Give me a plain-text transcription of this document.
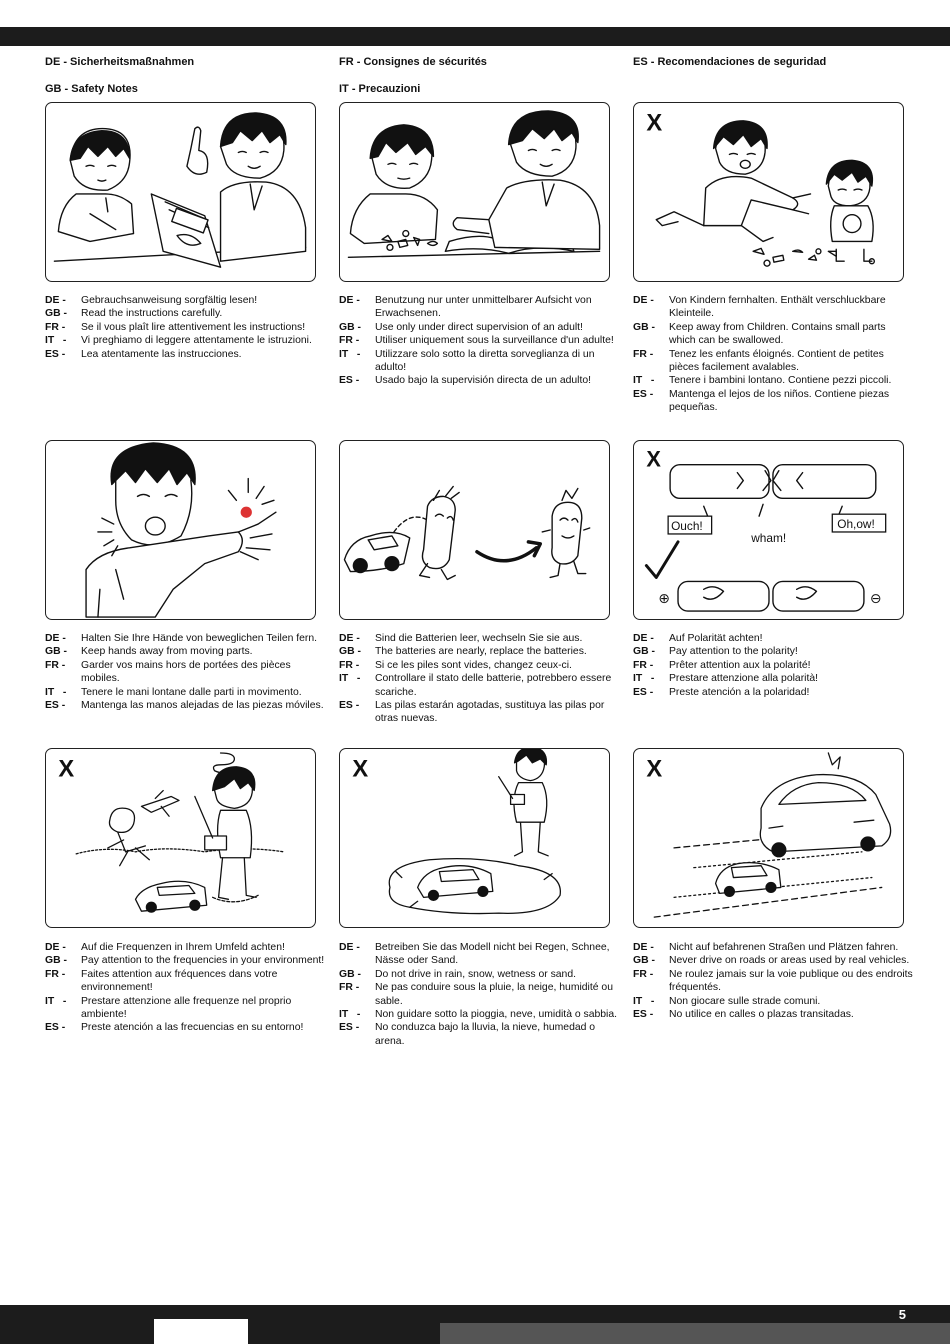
DE - Sicherheitsmaßnahmen	FR - Consignes de sécurités	ES - Recomendaciones de seguridad
GB - Safety Notes	IT - Precauzioni
X
DE -	Gebrauchsanweisung sorgfältig lesen!
GB -	Read the instructions carefully.
FR -	Se il vous plaît lire attentivement les instructions!
IT   -	Vi preghiamo di leggere attentamente le istruzioni.
ES -	Lea atentamente las instrucciones.
DE -	Benutzung nur unter unmittelbarer Aufsicht von Erwachsenen.
GB -	Use only under direct supervision of an adult!
FR -	Utiliser uniquement sous la surveillance d'un adulte!
IT   -	Utilizzare solo sotto la diretta sorveglianza di un adulto!
ES -	Usado bajo la supervisión directa de un adulto!
DE -	Von Kindern fernhalten. Enthält verschluckbare Kleinteile.
GB -	Keep away from Children. Contains small parts which can be swallowed.
FR -	Tenez les enfants éloignés. Contient de petites pièces facilement avalables.
IT   -	Tenere i bambini lontano. Contiene pezzi piccoli.
ES -	Mantenga el lejos de los niños. Contiene piezas pequeñas.
X
Ouch!	Oh,ow!
wham!
⊕	⊖
DE -	Halten Sie Ihre Hände von beweglichen Teilen fern.
GB -	Keep hands away from moving parts.
FR -	Garder vos mains hors de portées des pièces mobiles.
IT   -	Tenere le mani lontane dalle parti in movimento.
ES -	Mantenga las manos alejadas de las piezas móviles.
DE -	Sind die Batterien leer, wechseln Sie sie aus.
GB -	The batteries are nearly, replace the batteries.
FR -	Si ce les piles sont vides, changez ceux-ci.
IT   -	Controllare il stato delle batterie, potrebbero essere scariche.
ES -	Las pilas estarán agotadas, sustituya las pilas por otras nuevas.
DE -	Auf Polarität achten!
GB -	Pay attention to the polarity!
FR -	Prêter attention aux la polarité!
IT   -	Prestare attenzione alla polarità!
ES -	Preste atención a la polaridad!
X	X	X
DE -	Auf die Frequenzen in Ihrem Umfeld achten!
GB -	Pay attention to the frequencies in your environment!
FR -	Faites attention aux fréquences dans votre environnement!
IT   -	Prestare attenzione alle frequenze nel proprio ambiente!
ES -	Preste atención a las frecuencias en su entorno!
DE -	Betreiben Sie das Modell nicht bei Regen, Schnee, Nässe oder Sand.
GB -	Do not drive in rain, snow, wetness or sand.
FR -	Ne pas conduire sous la pluie, la neige, humidité ou sable.
IT   -	Non guidare sotto la pioggia, neve, umidità o sabbia.
ES -	No conduzca bajo la lluvia, la nieve, humedad o arena.
DE -	Nicht auf befahrenen Straßen und Plätzen fahren.
GB -	Never drive on roads or areas used by real vehicles.
FR -	Ne roulez jamais sur la voie publique ou des endroits fréquentés.
IT   -	Non giocare sulle strade comuni.
ES -	No utilice en calles o plazas transitadas.
5
